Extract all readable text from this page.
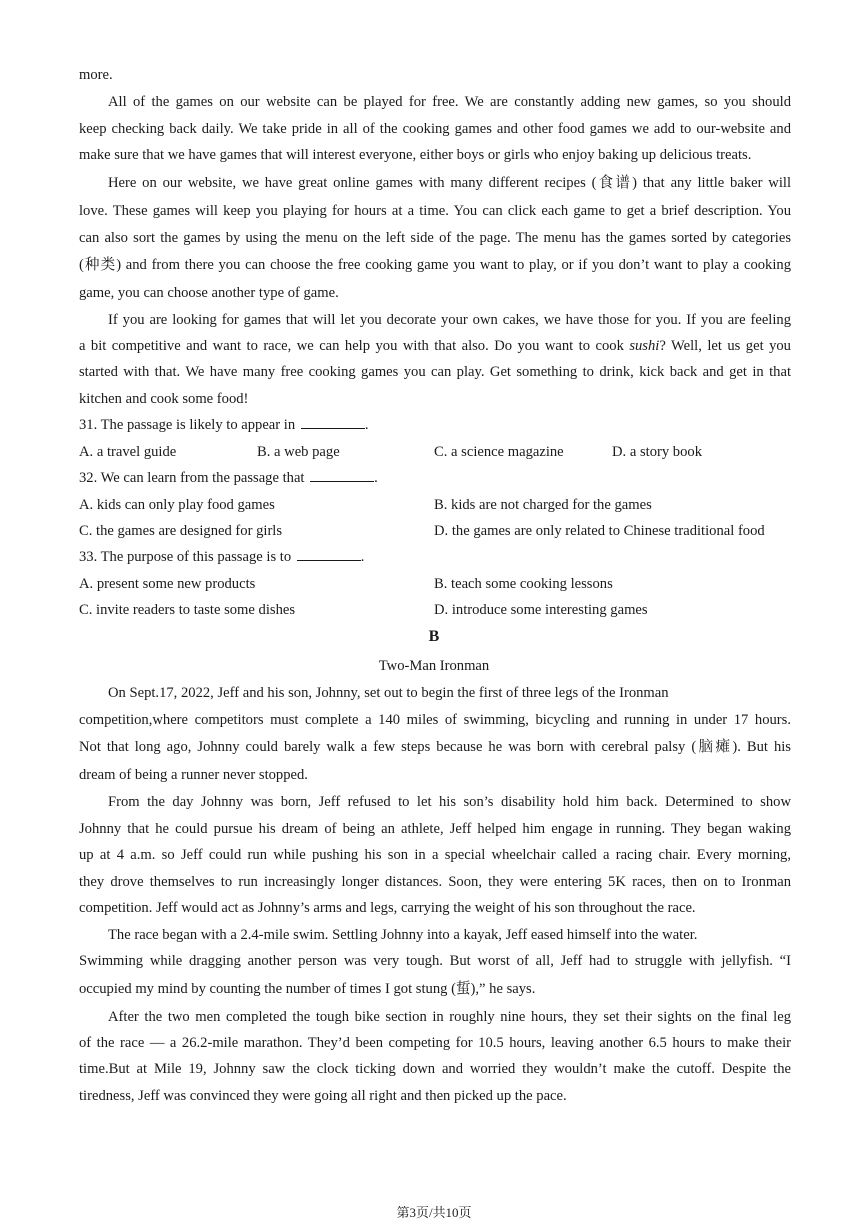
more.
All of the games on our website can be played for free. We are constantly adding new games, so you should
keep checking back daily. We take pride in all of the cooking games and other food games we add to our-website and
make sure that we have games that will interest everyone, either boys or girls who enjoy baking up delicious treats.
Here on our website, we have great online games with many different recipes (食谱) that any little baker will
love. These games will keep you playing for hours at a time. You can click each game to get a brief description. You
can also sort the games by using the menu on the left side of the page. The menu has the games sorted by categories
(种类) and from there you can choose the free cooking game you want to play, or if you don’t want to play a cooking
game, you can choose another type of game.
If you are looking for games that will let you decorate your own cakes, we have those for you. If you are feeling
a bit competitive and want to race, we can help you with that also. Do you want to cook sushi? Well, let us get you
started with that. We have many free cooking games you can play. Get something to drink, kick back and get in that
kitchen and cook some food!
31. The passage is likely to appear in	.
A. a travel guide	B. a web page	C. a science magazine	D. a story book
32. We can learn from the passage that	.
A. kids can only play food games	B. kids are not charged for the games
C. the games are designed for girls	D. the games are only related to Chinese traditional food
33. The purpose of this passage is to	.
A. present some new products	B. teach some cooking lessons
C. invite readers to taste some dishes	D. introduce some interesting games
B
Two-Man Ironman
On Sept.17, 2022, Jeff and his son, Johnny, set out to begin the first of three legs of the Ironman
competition,where competitors must complete a 140 miles of swimming, bicycling and running in under 17 hours.
Not that long ago, Johnny could barely walk a few steps because he was born with cerebral palsy (脑瘫). But his
dream of being a runner never stopped.
From the day Johnny was born, Jeff refused to let his son’s disability hold him back. Determined to show
Johnny that he could pursue his dream of being an athlete, Jeff helped him engage in running. They began waking
up at 4 a.m. so Jeff could run while pushing his son in a special wheelchair called a racing chair. Every morning,
they drove themselves to run increasingly longer distances. Soon, they were entering 5K races, then on to Ironman
competition. Jeff would act as Johnny’s arms and legs, carrying the weight of his son throughout the race.
The race began with a 2.4-mile swim. Settling Johnny into a kayak, Jeff eased himself into the water.
Swimming while dragging another person was very tough. But worst of all, Jeff had to struggle with jellyfish. “I
occupied my mind by counting the number of times I got stung (蜇),” he says.
After the two men completed the tough bike section in roughly nine hours, they set their sights on the final leg
of the race — a 26.2-mile marathon. They’d been competing for 10.5 hours, leaving another 6.5 hours to make their
time.But at Mile 19, Johnny saw the clock ticking down and worried they wouldn’t make the cutoff. Despite the
tiredness, Jeff was convinced they were going all right and then picked up the pace.
第3页/共10页
